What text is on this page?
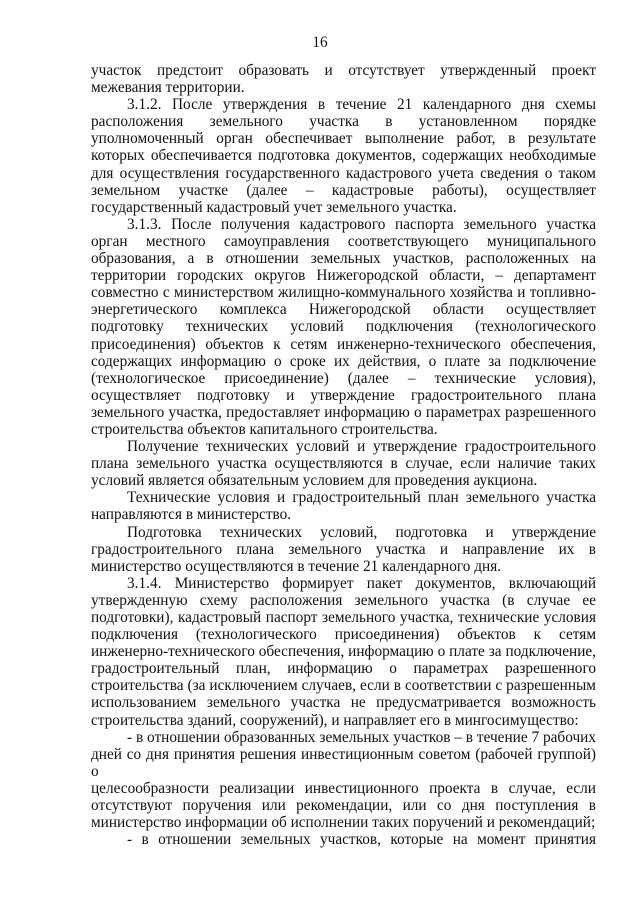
16
участок предстоит образовать и отсутствует утвержденный проект
межевания территории.
3.1.2. После утверждения в течение 21 календарного дня схемы
расположения земельного участка в установленном порядке
уполномоченный орган обеспечивает выполнение работ, в результате
которых обеспечивается подготовка документов, содержащих необходимые
для осуществления государственного кадастрового учета сведения о таком
земельном участке (далее – кадастровые работы), осуществляет
государственный кадастровый учет земельного участка.
3.1.3. После получения кадастрового паспорта земельного участка
орган местного самоуправления соответствующего муниципального
образования, а в отношении земельных участков, расположенных на
территории городских округов Нижегородской области, – департамент
совместно с министерством жилищно-коммунального хозяйства и топливно-
энергетического комплекса Нижегородской области осуществляет
подготовку технических условий подключения (технологического
присоединения) объектов к сетям инженерно-технического обеспечения,
содержащих информацию о сроке их действия, о плате за подключение
(технологическое присоединение) (далее – технические условия),
осуществляет подготовку и утверждение градостроительного плана
земельного участка, предоставляет информацию о параметрах разрешенного
строительства объектов капитального строительства.
Получение технических условий и утверждение градостроительного
плана земельного участка осуществляются в случае, если наличие таких
условий является обязательным условием для проведения аукциона.
Технические условия и градостроительный план земельного участка
направляются в министерство.
Подготовка технических условий, подготовка и утверждение
градостроительного плана земельного участка и направление их в
министерство осуществляются в течение 21 календарного дня.
3.1.4. Министерство формирует пакет документов, включающий
утвержденную схему расположения земельного участка (в случае ее
подготовки), кадастровый паспорт земельного участка, технические условия
подключения (технологического присоединения) объектов к сетям
инженерно-технического обеспечения, информацию о плате за подключение,
градостроительный план, информацию о параметрах разрешенного
строительства (за исключением случаев, если в соответствии с разрешенным
использованием земельного участка не предусматривается возможность
строительства зданий, сооружений), и направляет его в мингосимущество:
- в отношении образованных земельных участков – в течение 7 рабочих
дней со дня принятия решения инвестиционным советом (рабочей группой) о
целесообразности реализации инвестиционного проекта в случае, если
отсутствуют поручения или рекомендации, или со дня поступления в
министерство информации об исполнении таких поручений и рекомендаций;
- в отношении земельных участков, которые на момент принятия
